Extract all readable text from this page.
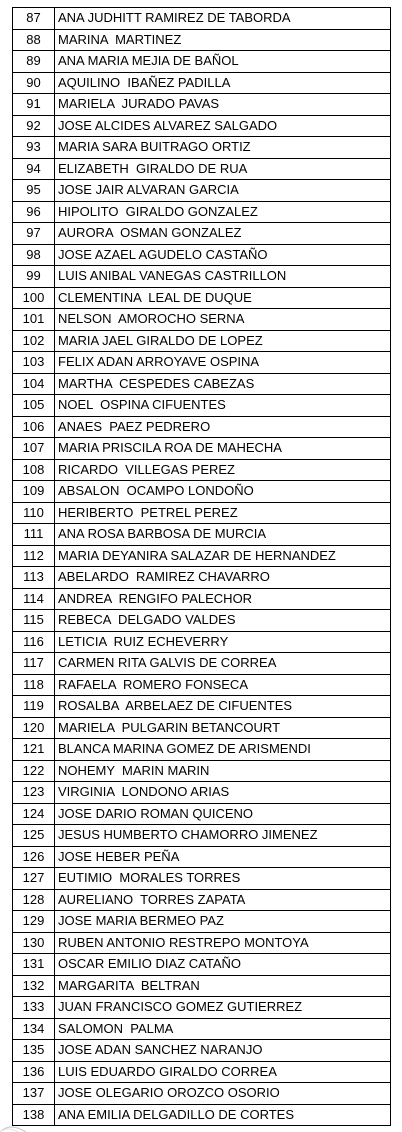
87	ANA JUDHITT RAMIREZ DE TABORDA
88	MARINA  MARTINEZ
89	ANA MARIA MEJIA DE BAÑOL
90	AQUILINO  IBAÑEZ PADILLA
91	MARIELA  JURADO PAVAS
92	JOSE ALCIDES ALVAREZ SALGADO
93	MARIA SARA BUITRAGO ORTIZ
94	ELIZABETH  GIRALDO DE RUA
95	JOSE JAIR ALVARAN GARCIA
96	HIPOLITO  GIRALDO GONZALEZ
97	AURORA  OSMAN GONZALEZ
98	JOSE AZAEL AGUDELO CASTAÑO
99	LUIS ANIBAL VANEGAS CASTRILLON
100	CLEMENTINA  LEAL DE DUQUE
101	NELSON  AMOROCHO SERNA
102	MARIA JAEL GIRALDO DE LOPEZ
103	FELIX ADAN ARROYAVE OSPINA
104	MARTHA  CESPEDES CABEZAS
105	NOEL  OSPINA CIFUENTES
106	ANAES  PAEZ PEDRERO
107	MARIA PRISCILA ROA DE MAHECHA
108	RICARDO  VILLEGAS PEREZ
109	ABSALON  OCAMPO LONDOÑO
110	HERIBERTO  PETREL PEREZ
111	ANA ROSA BARBOSA DE MURCIA
112	MARIA DEYANIRA SALAZAR DE HERNANDEZ
113	ABELARDO  RAMIREZ CHAVARRO
114	ANDREA  RENGIFO PALECHOR
115	REBECA  DELGADO VALDES
116	LETICIA  RUIZ ECHEVERRY
117	CARMEN RITA GALVIS DE CORREA
118	RAFAELA  ROMERO FONSECA
119	ROSALBA  ARBELAEZ DE CIFUENTES
120	MARIELA  PULGARIN BETANCOURT
121	BLANCA MARINA GOMEZ DE ARISMENDI
122	NOHEMY  MARIN MARIN
123	VIRGINIA  LONDONO ARIAS
124	JOSE DARIO ROMAN QUICENO
125	JESUS HUMBERTO CHAMORRO JIMENEZ
126	JOSE HEBER PEÑA
127	EUTIMIO  MORALES TORRES
128	AURELIANO  TORRES ZAPATA
129	JOSE MARIA BERMEO PAZ
130	RUBEN ANTONIO RESTREPO MONTOYA
131	OSCAR EMILIO DIAZ CATAÑO
132	MARGARITA  BELTRAN
133	JUAN FRANCISCO GOMEZ GUTIERREZ
134	SALOMON  PALMA
135	JOSE ADAN SANCHEZ NARANJO
136	LUIS EDUARDO GIRALDO CORREA
137	JOSE OLEGARIO OROZCO OSORIO
138	ANA EMILIA DELGADILLO DE CORTES
